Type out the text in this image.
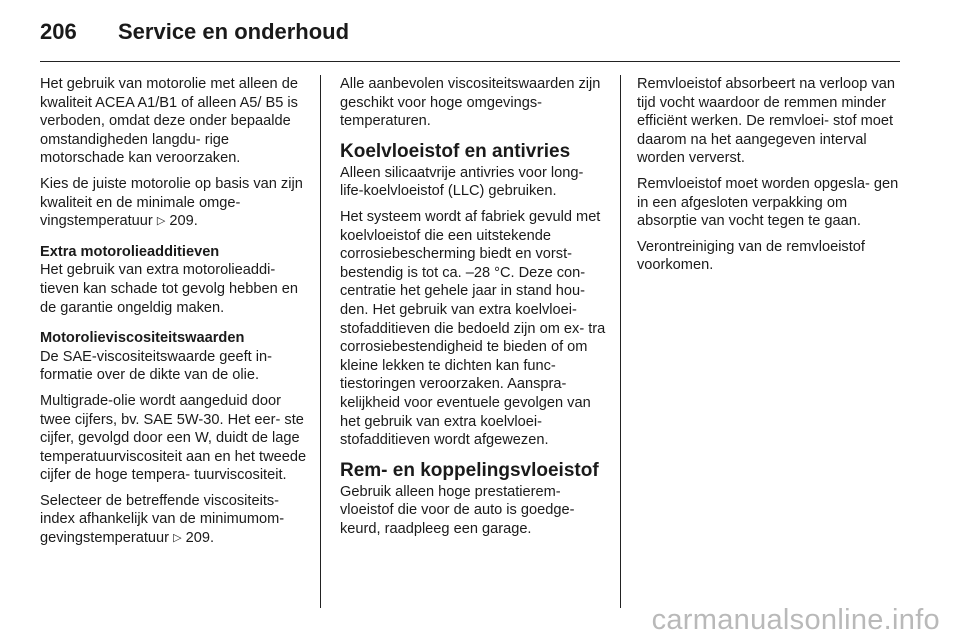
206	Service en onderhoud

Het gebruik van motorolie met alleen de kwaliteit ACEA A1/B1 of alleen A5/ B5 is verboden, omdat deze onder bepaalde omstandigheden langdu- rige motorschade kan veroorzaken.

Kies de juiste motorolie op basis van zijn kwaliteit en de minimale omge- vingstemperatuur ▷ 209.

Extra motorolieadditieven

Het gebruik van extra motorolieaddi- tieven kan schade tot gevolg hebben en de garantie ongeldig maken.

Motorolieviscositeitswaarden

De SAE-viscositeitswaarde geeft in- formatie over de dikte van de olie.

Multigrade-olie wordt aangeduid door twee cijfers, bv. SAE 5W-30. Het eer- ste cijfer, gevolgd door een W, duidt de lage temperatuurviscositeit aan en het tweede cijfer de hoge tempera- tuurviscositeit.

Selecteer de betreffende viscositeits- index afhankelijk van de minimumom- gevingstemperatuur ▷ 209.

Alle aanbevolen viscositeitswaarden zijn geschikt voor hoge omgevings- temperaturen.

Koelvloeistof en antivries

Alleen silicaatvrije antivries voor long- life-koelvloeistof (LLC) gebruiken.

Het systeem wordt af fabriek gevuld met koelvloeistof die een uitstekende corrosiebescherming biedt en vorst- bestendig is tot ca. –28 °C. Deze con- centratie het gehele jaar in stand hou- den. Het gebruik van extra koelvloei- stofadditieven die bedoeld zijn om ex- tra corrosiebestendigheid te bieden of om kleine lekken te dichten kan func- tiestoringen veroorzaken. Aanspra- kelijkheid voor eventuele gevolgen van het gebruik van extra koelvloei- stofadditieven wordt afgewezen.

Rem- en koppelingsvloeistof

Gebruik alleen hoge prestatierem- vloeistof die voor de auto is goedge- keurd, raadpleeg een garage.

Remvloeistof absorbeert na verloop van tijd vocht waardoor de remmen minder efficiënt werken. De remvloei- stof moet daarom na het aangegeven interval worden ververst.

Remvloeistof moet worden opgesla- gen in een afgesloten verpakking om absorptie van vocht tegen te gaan.

Verontreiniging van de remvloeistof voorkomen.

carmanualsonline.info
